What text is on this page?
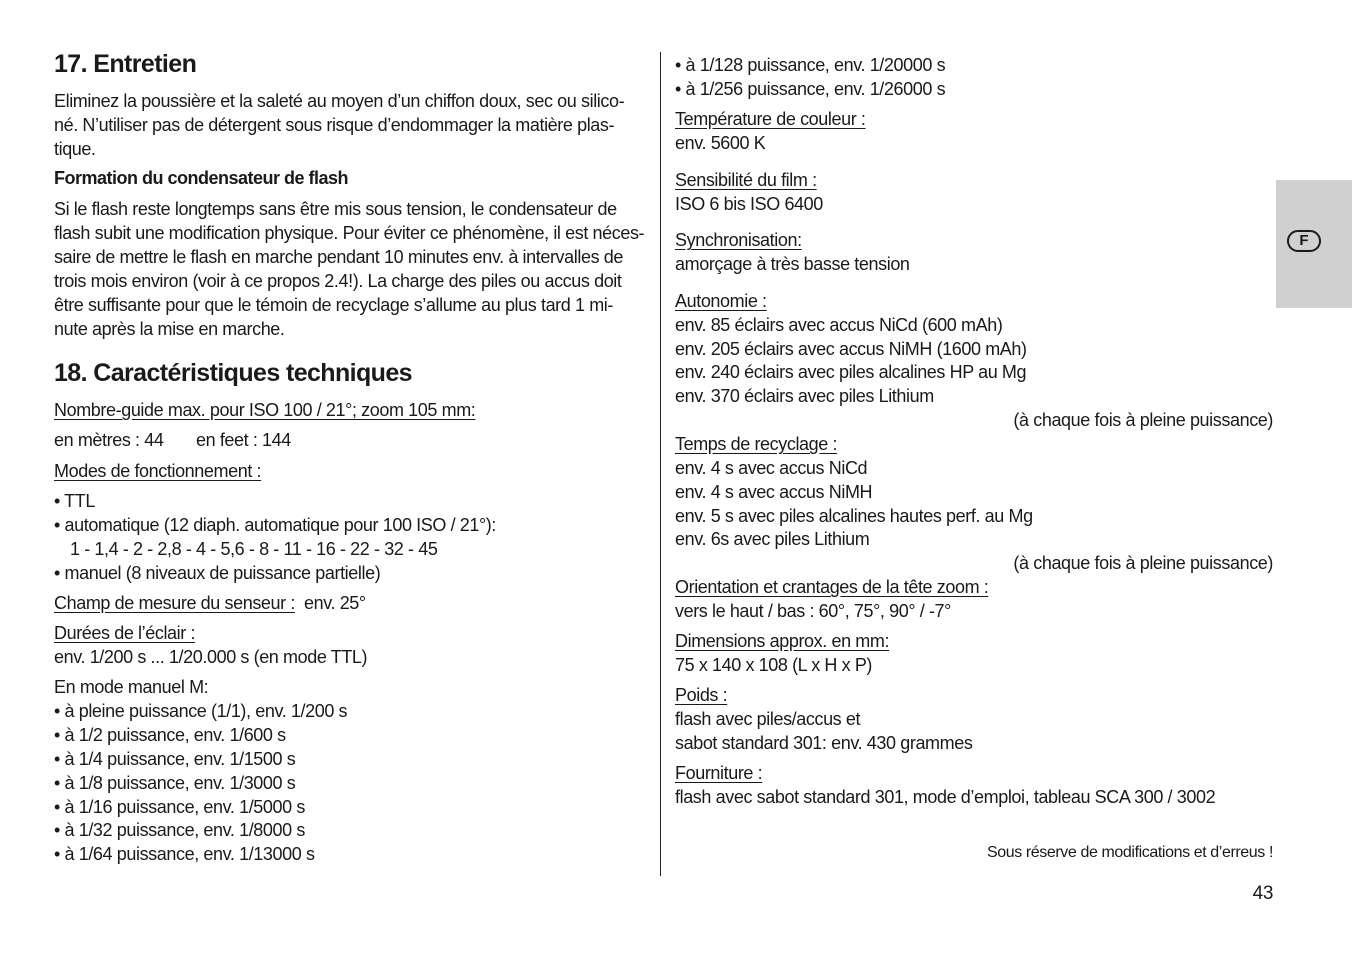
F
17. Entretien
Eliminez la poussière et la saleté au moyen d’un chiffon doux, sec ou silico-
né. N’utiliser pas de détergent sous risque d’endommager la matière plas-
tique.
Formation du condensateur de flash
Si le flash reste longtemps sans être mis sous tension, le condensateur de
flash subit une modification physique. Pour éviter ce phénomène, il est néces-
saire de mettre le flash en marche pendant 10 minutes env. à intervalles de
trois mois environ (voir à ce propos 2.4!). La charge des piles ou accus doit
être suffisante pour que le témoin de recyclage s’allume au plus tard 1 mi-
nute après la mise en marche.
18. Caractéristiques techniques
Nombre-guide max. pour ISO 100 / 21°; zoom 105 mm:
en mètres : 44 en feet : 144
Modes de fonctionnement :
• TTL
• automatique (12 diaph. automatique pour 100 ISO / 21°):
1 - 1,4 - 2 - 2,8 - 4 - 5,6 - 8 - 11 - 16 - 22 - 32 - 45
• manuel (8 niveaux de puissance partielle)
Champ de mesure du senseur : env. 25°
Durées de l’éclair :
env. 1/200 s ... 1/20.000 s (en mode TTL)
En mode manuel M:
• à pleine puissance (1/1), env. 1/200 s
• à 1/2 puissance, env. 1/600 s
• à 1/4 puissance, env. 1/1500 s
• à 1/8 puissance, env. 1/3000 s
• à 1/16 puissance, env. 1/5000 s
• à 1/32 puissance, env. 1/8000 s
• à 1/64 puissance, env. 1/13000 s
• à 1/128 puissance, env. 1/20000 s
• à 1/256 puissance, env. 1/26000 s
Température de couleur :
env. 5600 K
Sensibilité du film :
ISO 6 bis ISO 6400
Synchronisation:
amorçage à très basse tension
Autonomie :
env. 85 éclairs avec accus NiCd (600 mAh)
env. 205 éclairs avec accus NiMH (1600 mAh)
env. 240 éclairs avec piles alcalines HP au Mg
env. 370 éclairs avec piles Lithium
(à chaque fois à pleine puissance)
Temps de recyclage :
env. 4 s avec accus NiCd
env. 4 s avec accus NiMH
env. 5 s avec piles alcalines hautes perf. au Mg
env. 6s avec piles Lithium
(à chaque fois à pleine puissance)
Orientation et crantages de la tête zoom :
vers le haut / bas : 60°, 75°, 90° / -7°
Dimensions approx. en mm:
75 x 140 x 108 (L x H x P)
Poids :
flash avec piles/accus et
sabot standard 301: env. 430 grammes
Fourniture :
flash avec sabot standard 301, mode d’emploi, tableau SCA 300 / 3002
Sous réserve de modifications et d’erreus !
43
